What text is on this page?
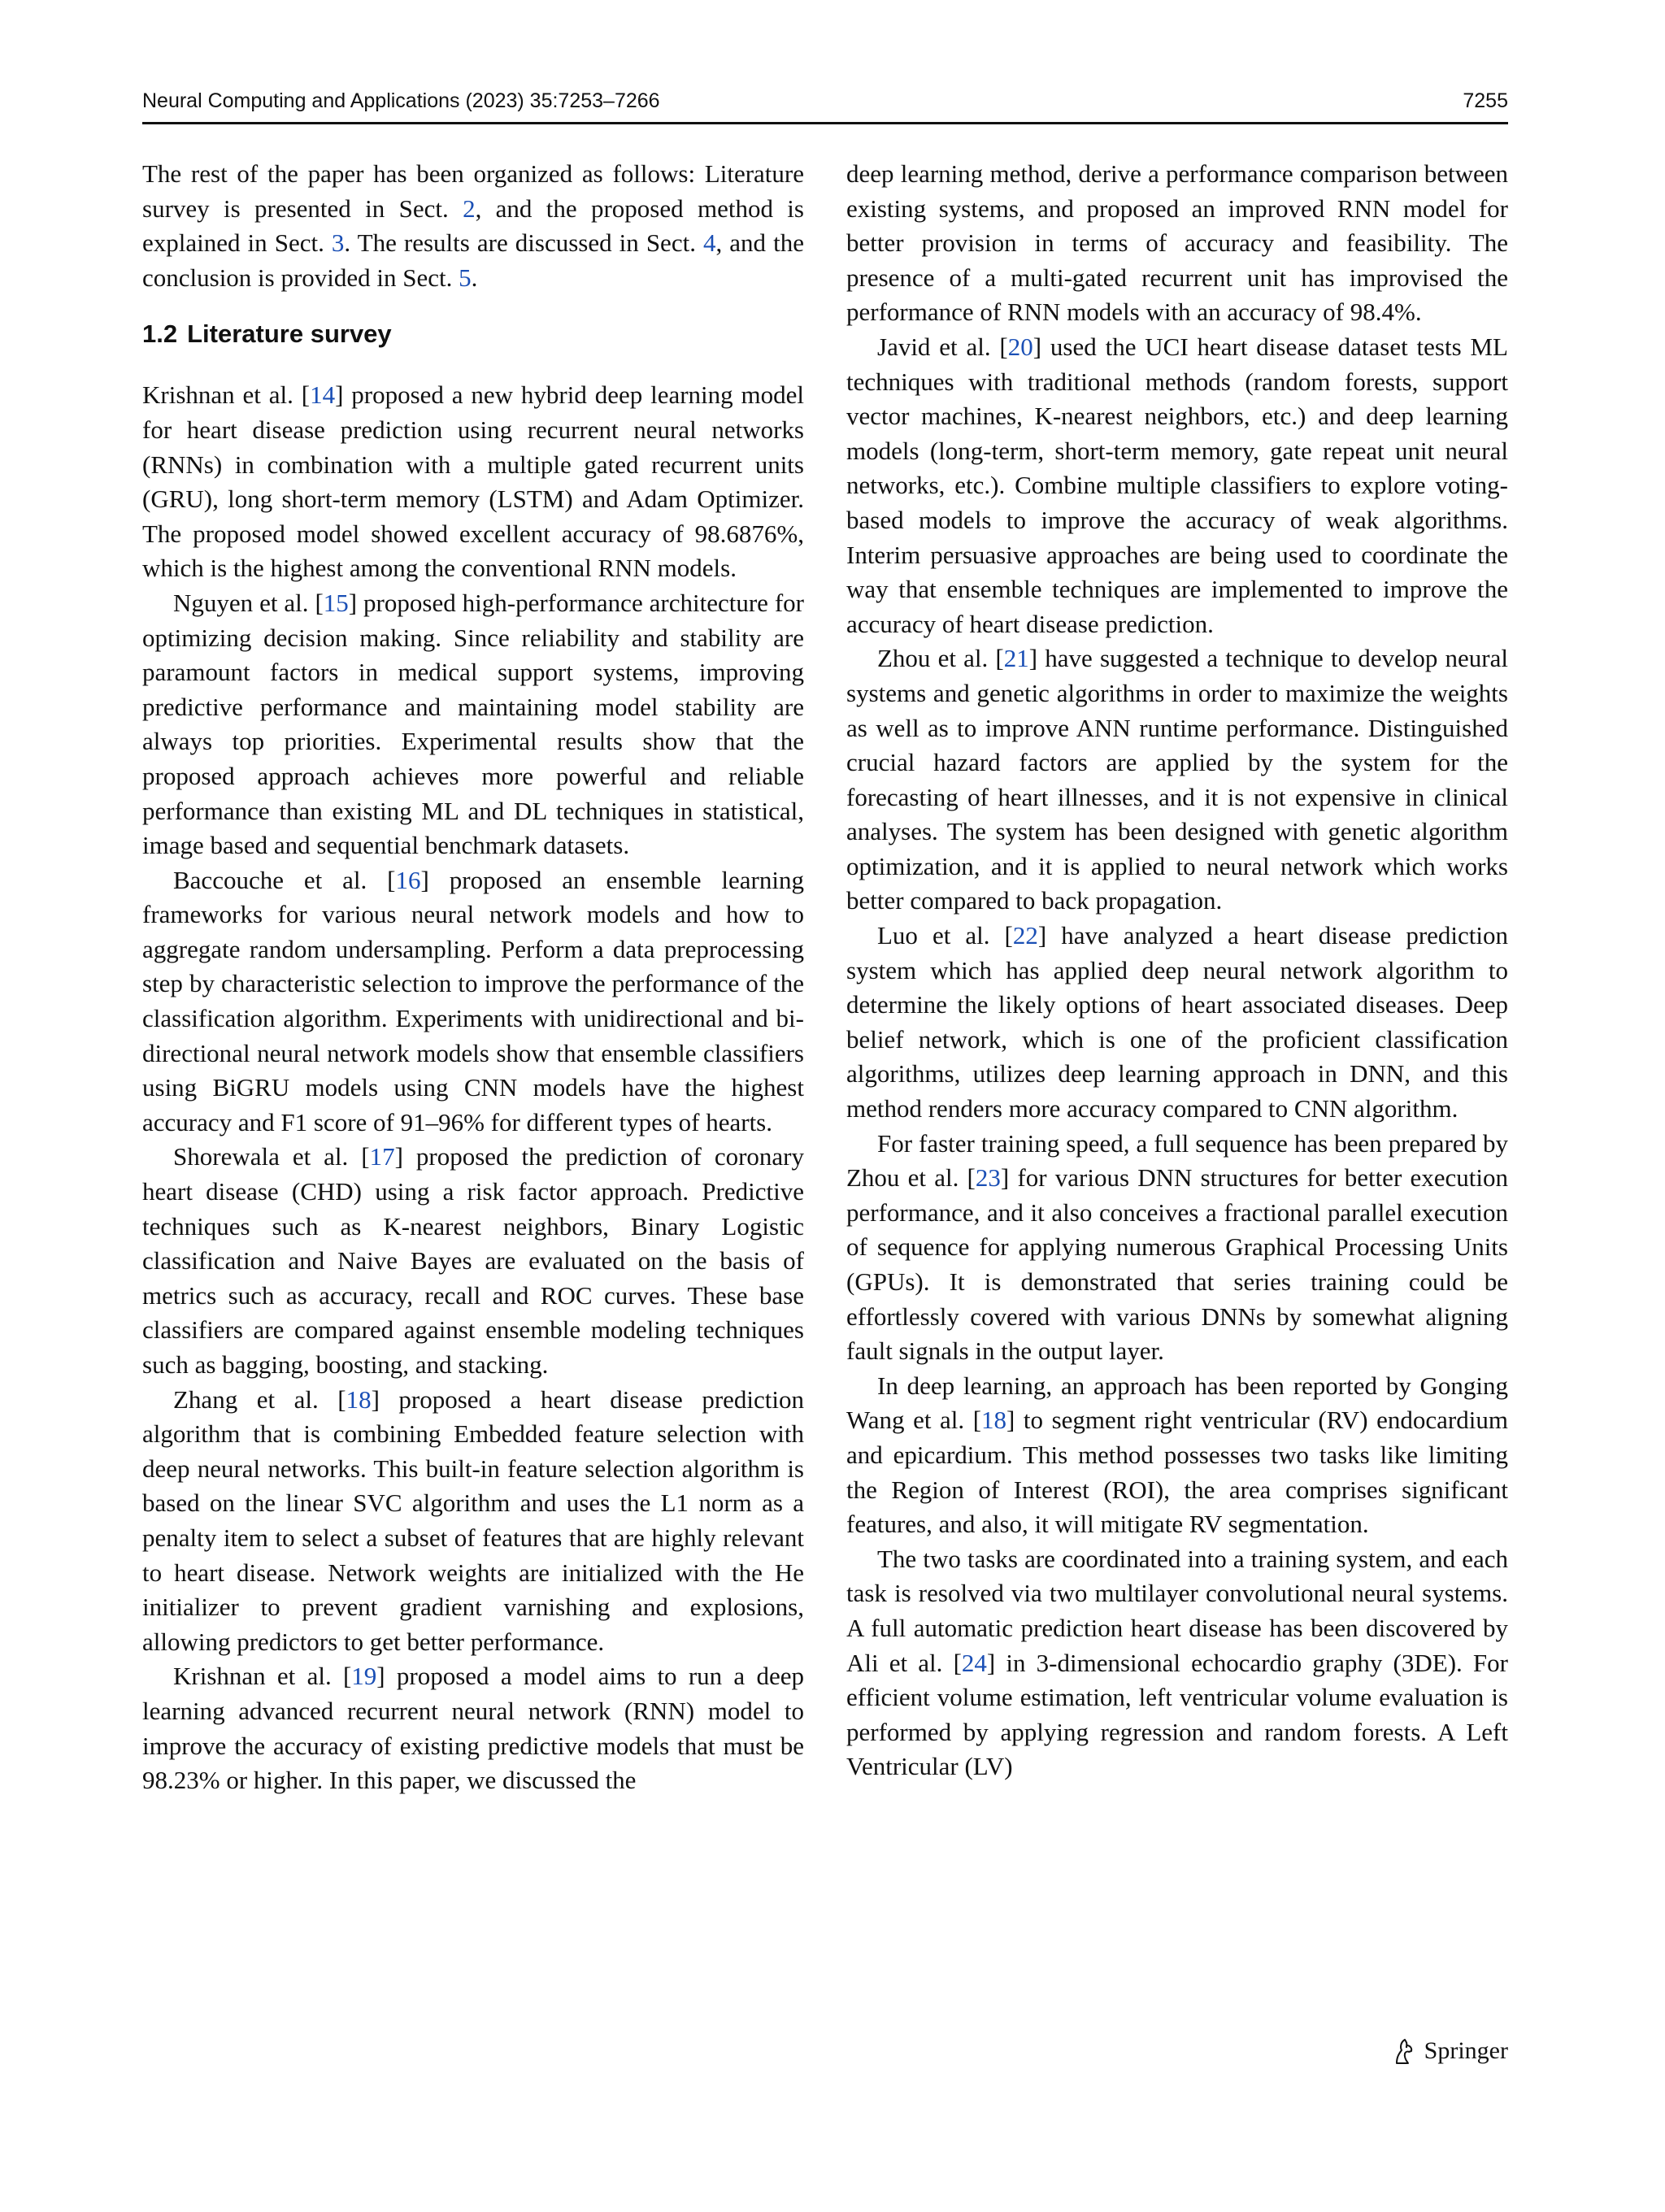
Neural Computing and Applications (2023) 35:7253–7266	7255

The rest of the paper has been organized as follows: Literature survey is presented in Sect. 2, and the proposed method is explained in Sect. 3. The results are discussed in Sect. 4, and the conclusion is provided in Sect. 5.

1.2 Literature survey

Krishnan et al. [14] proposed a new hybrid deep learning model for heart disease prediction using recurrent neural networks (RNNs) in combination with a multiple gated recurrent units (GRU), long short-term memory (LSTM) and Adam Optimizer. The proposed model showed excellent accuracy of 98.6876%, which is the highest among the conventional RNN models.

Nguyen et al. [15] proposed high-performance architecture for optimizing decision making. Since reliability and stability are paramount factors in medical support systems, improving predictive performance and maintaining model stability are always top priorities. Experimental results show that the proposed approach achieves more powerful and reliable performance than existing ML and DL techniques in statistical, image based and sequential benchmark datasets.

Baccouche et al. [16] proposed an ensemble learning frameworks for various neural network models and how to aggregate random undersampling. Perform a data preprocessing step by characteristic selection to improve the performance of the classification algorithm. Experiments with unidirectional and bi-directional neural network models show that ensemble classifiers using BiGRU models using CNN models have the highest accuracy and F1 score of 91–96% for different types of hearts.

Shorewala et al. [17] proposed the prediction of coronary heart disease (CHD) using a risk factor approach. Predictive techniques such as K-nearest neighbors, Binary Logistic classification and Naive Bayes are evaluated on the basis of metrics such as accuracy, recall and ROC curves. These base classifiers are compared against ensemble modeling techniques such as bagging, boosting, and stacking.

Zhang et al. [18] proposed a heart disease prediction algorithm that is combining Embedded feature selection with deep neural networks. This built-in feature selection algorithm is based on the linear SVC algorithm and uses the L1 norm as a penalty item to select a subset of features that are highly relevant to heart disease. Network weights are initialized with the He initializer to prevent gradient varnishing and explosions, allowing predictors to get better performance.

Krishnan et al. [19] proposed a model aims to run a deep learning advanced recurrent neural network (RNN) model to improve the accuracy of existing predictive models that must be 98.23% or higher. In this paper, we discussed the

deep learning method, derive a performance comparison between existing systems, and proposed an improved RNN model for better provision in terms of accuracy and feasibility. The presence of a multi-gated recurrent unit has improvised the performance of RNN models with an accuracy of 98.4%.

Javid et al. [20] used the UCI heart disease dataset tests ML techniques with traditional methods (random forests, support vector machines, K-nearest neighbors, etc.) and deep learning models (long-term, short-term memory, gate repeat unit neural networks, etc.). Combine multiple classifiers to explore voting-based models to improve the accuracy of weak algorithms. Interim persuasive approaches are being used to coordinate the way that ensemble techniques are implemented to improve the accuracy of heart disease prediction.

Zhou et al. [21] have suggested a technique to develop neural systems and genetic algorithms in order to maximize the weights as well as to improve ANN runtime performance. Distinguished crucial hazard factors are applied by the system for the forecasting of heart illnesses, and it is not expensive in clinical analyses. The system has been designed with genetic algorithm optimization, and it is applied to neural network which works better compared to back propagation.

Luo et al. [22] have analyzed a heart disease prediction system which has applied deep neural network algorithm to determine the likely options of heart associated diseases. Deep belief network, which is one of the proficient classification algorithms, utilizes deep learning approach in DNN, and this method renders more accuracy compared to CNN algorithm.

For faster training speed, a full sequence has been prepared by Zhou et al. [23] for various DNN structures for better execution performance, and it also conceives a fractional parallel execution of sequence for applying numerous Graphical Processing Units (GPUs). It is demonstrated that series training could be effortlessly covered with various DNNs by somewhat aligning fault signals in the output layer.

In deep learning, an approach has been reported by Gonging Wang et al. [18] to segment right ventricular (RV) endocardium and epicardium. This method possesses two tasks like limiting the Region of Interest (ROI), the area comprises significant features, and also, it will mitigate RV segmentation.

The two tasks are coordinated into a training system, and each task is resolved via two multilayer convolutional neural systems. A full automatic prediction heart disease has been discovered by Ali et al. [24] in 3-dimensional echocardio graphy (3DE). For efficient volume estimation, left ventricular volume evaluation is performed by applying regression and random forests. A Left Ventricular (LV)

Springer
